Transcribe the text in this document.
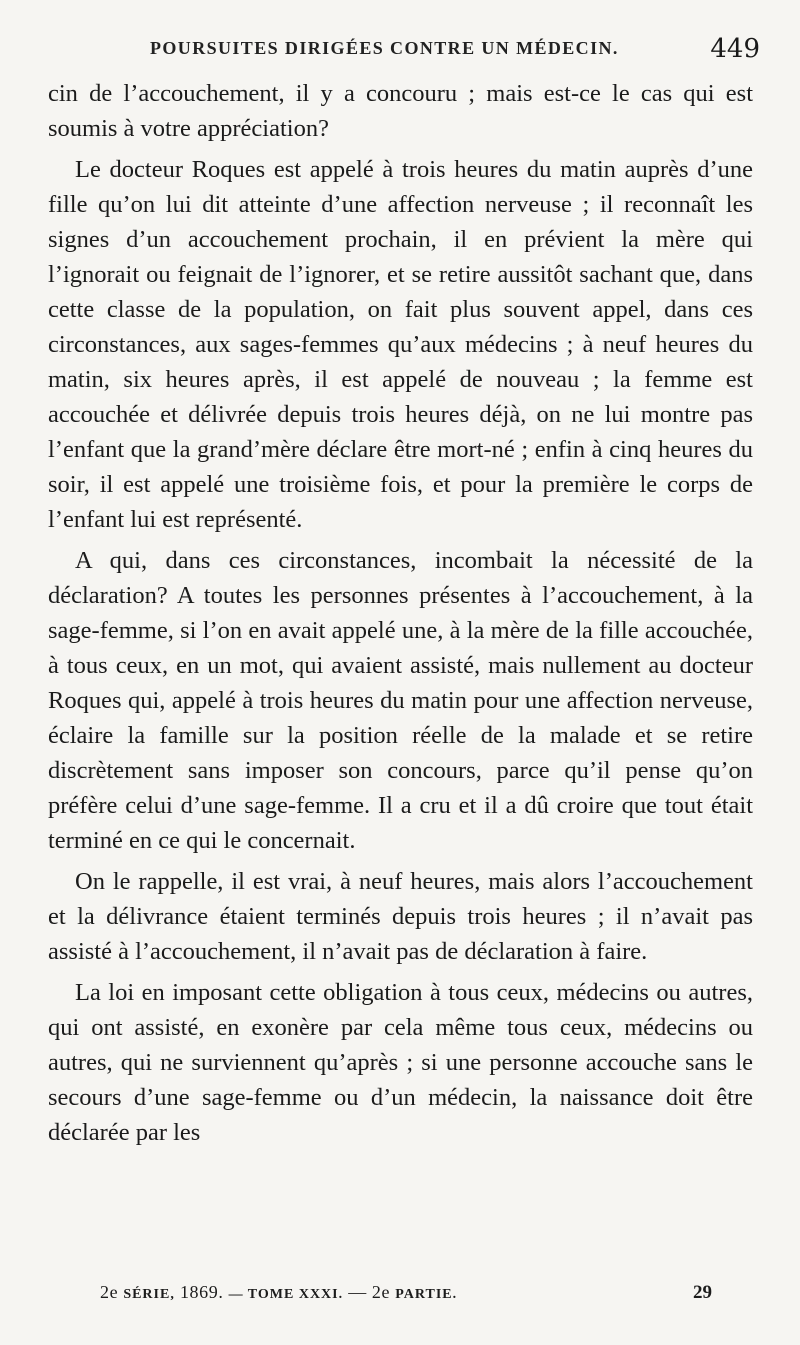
POURSUITES DIRIGÉES CONTRE UN MÉDECIN.	449

cin de l’accouchement, il y a concouru ; mais est-ce le cas qui est soumis à votre appréciation?

Le docteur Roques est appelé à trois heures du matin auprès d’une fille qu’on lui dit atteinte d’une affection nerveuse ; il reconnaît les signes d’un accouchement prochain, il en prévient la mère qui l’ignorait ou feignait de l’ignorer, et se retire aussitôt sachant que, dans cette classe de la population, on fait plus souvent appel, dans ces circonstances, aux sages-femmes qu’aux médecins ; à neuf heures du matin, six heures après, il est appelé de nouveau ; la femme est accouchée et délivrée depuis trois heures déjà, on ne lui montre pas l’enfant que la grand’mère déclare être mort-né ; enfin à cinq heures du soir, il est appelé une troisième fois, et pour la première le corps de l’enfant lui est représenté.

A qui, dans ces circonstances, incombait la nécessité de la déclaration? A toutes les personnes présentes à l’accouchement, à la sage-femme, si l’on en avait appelé une, à la mère de la fille accouchée, à tous ceux, en un mot, qui avaient assisté, mais nullement au docteur Roques qui, appelé à trois heures du matin pour une affection nerveuse, éclaire la famille sur la position réelle de la malade et se retire discrètement sans imposer son concours, parce qu’il pense qu’on préfère celui d’une sage-femme. Il a cru et il a dû croire que tout était terminé en ce qui le concernait.

On le rappelle, il est vrai, à neuf heures, mais alors l’accouchement et la délivrance étaient terminés depuis trois heures ; il n’avait pas assisté à l’accouchement, il n’avait pas de déclaration à faire.

La loi en imposant cette obligation à tous ceux, médecins ou autres, qui ont assisté, en exonère par cela même tous ceux, médecins ou autres, qui ne surviennent qu’après ; si une personne accouche sans le secours d’une sage-femme ou d’un médecin, la naissance doit être déclarée par les

2e SÉRIE, 1869. — TOME XXXI. — 2e PARTIE.	29
